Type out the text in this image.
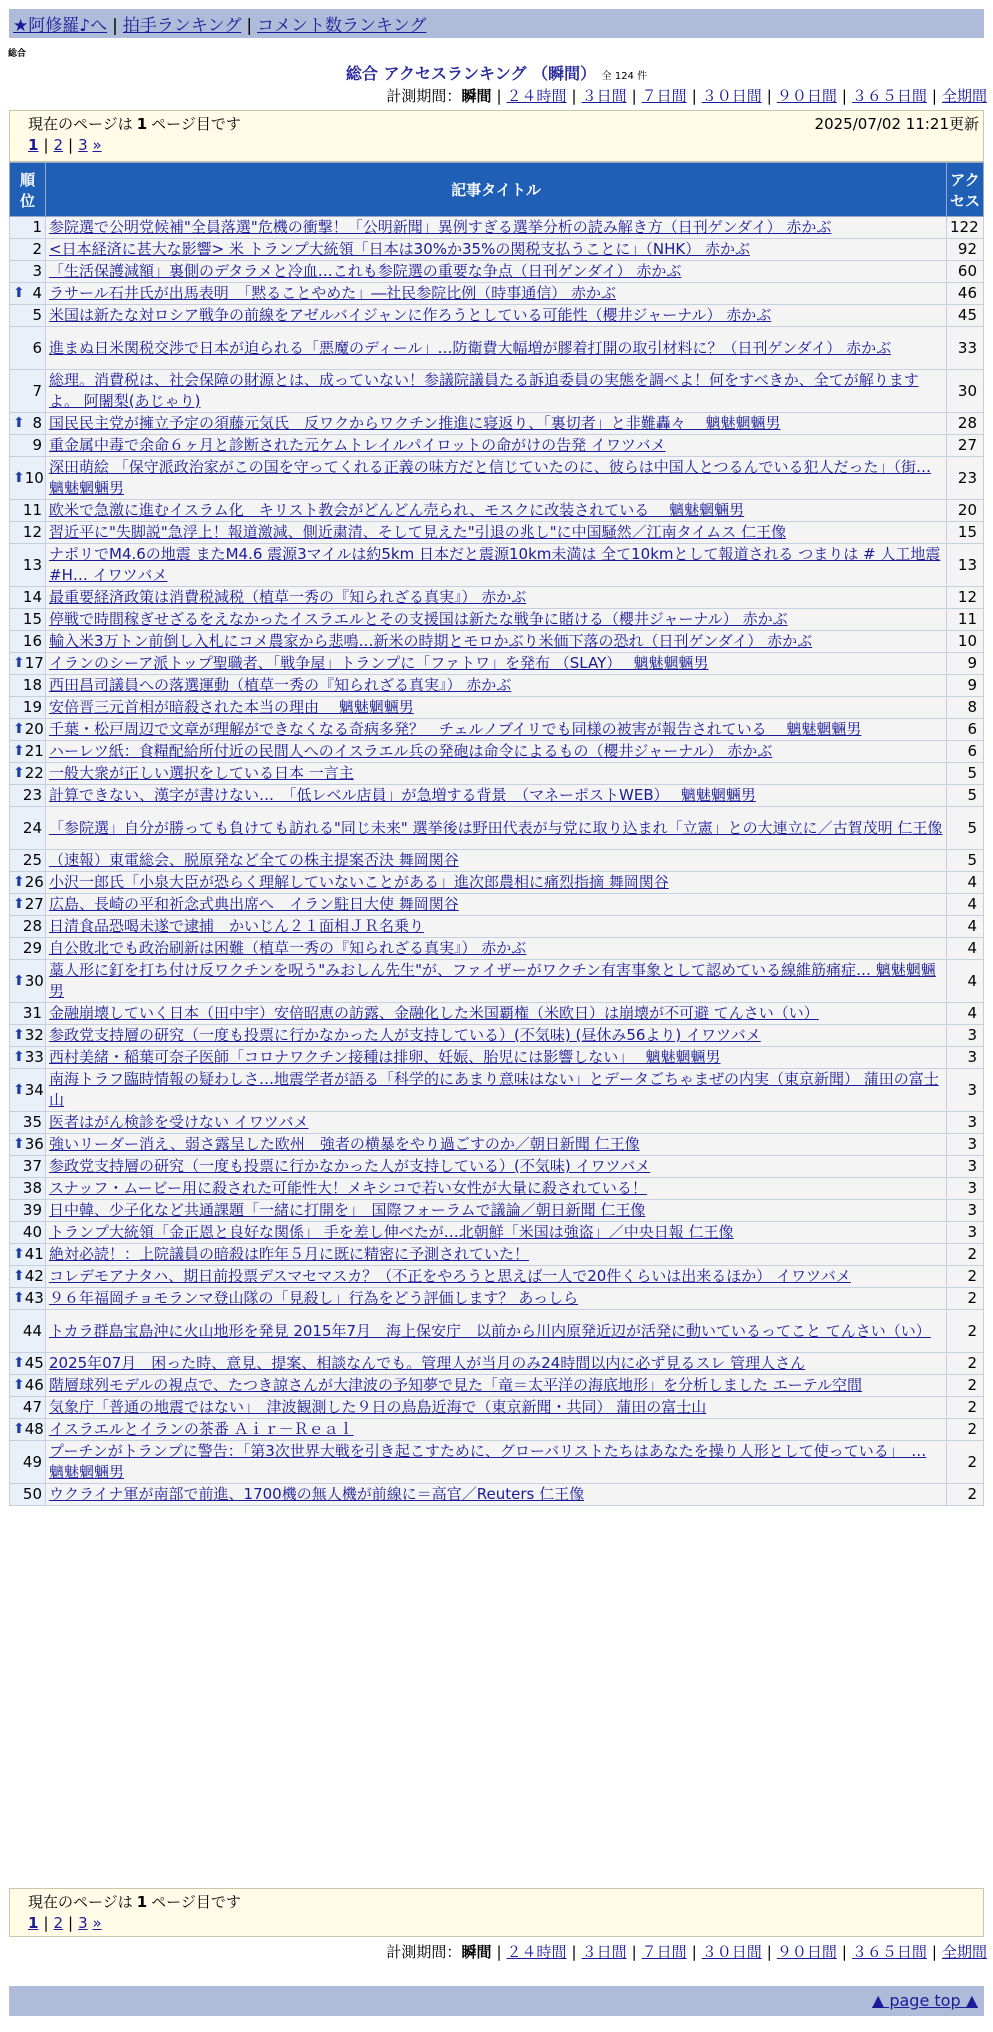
★阿修羅♪へ | 拍手ランキング | コメント数ランキング
総合
総合 アクセスランキング （瞬間） 全 124 件
計測期間：瞬間 | ２４時間 | ３日間 | ７日間 | ３０日間 | ９０日間 | ３６５日間 | 全期間
現在のページは 1 ページ目です	2025/07/02 11:21更新
1 | 2 | 3 »
順位	記事タイトル	アクセス
1	参院選で公明党候補"全員落選"危機の衝撃！「公明新聞」異例すぎる選挙分析の読み解き方（日刊ゲンダイ） 赤かぶ	122
2	<日本経済に甚大な影響> 米 トランプ大統領「日本は30%か35%の関税支払うことに」（NHK） 赤かぶ	92
3	「生活保護減額」裏側のデタラメと冷血…これも参院選の重要な争点（日刊ゲンダイ） 赤かぶ	60

⬆ 4	ラサール石井氏が出馬表明　「黙ることやめた」―社民参院比例（時事通信） 赤かぶ	46
5	米国は新たな対ロシア戦争の前線をアゼルバイジャンに作ろうとしている可能性（櫻井ジャーナル） 赤かぶ	45
6	進まぬ日米関税交渉で日本が迫られる「悪魔のディール」…防衛費大幅増が膠着打開の取引材料に？（日刊ゲンダイ） 赤かぶ	33
7	総理。消費税は、社会保障の財源とは、成っていない！参議院議員たる訴追委員の実態を調べよ！何をすべきか、全てが解りますよ。 阿闍梨(あじゃり)	30

⬆ 8	国民民主党が擁立予定の須藤元気氏　反ワクからワクチン推進に寝返り、「裏切者」と非難轟々　 魑魅魍魎男	28
9	重金属中毒で余命６ヶ月と診断された元ケムトレイルパイロットの命がけの告発 イワツバメ	27

⬆ 10	深田萌絵 「保守派政治家がこの国を守ってくれる正義の味方だと信じていたのに、彼らは中国人とつるんでいる犯人だった」（街… 魑魅魍魎男	23
11	欧米で急激に進むイスラム化　キリスト教会がどんどん売られ、モスクに改装されている　 魑魅魍魎男	20
12	習近平に"失脚説"急浮上！報道激減、側近粛清、そして見えた"引退の兆し"に中国騒然／江南タイムス 仁王像	15
13	ナポリでM4.6の地震 またM4.6 震源3マイルは約5km 日本だと震源10km未満は 全て10kmとして報道される つまりは # 人工地震 #H… イワツバメ	13
14	最重要経済政策は消費税減税（植草一秀の『知られざる真実』） 赤かぶ	12
15	停戦で時間稼ぎせざるをえなかったイスラエルとその支援国は新たな戦争に賭ける（櫻井ジャーナル） 赤かぶ	11
16	輸入米3万トン前倒し入札にコメ農家から悲鳴…新米の時期とモロかぶり米価下落の恐れ（日刊ゲンダイ） 赤かぶ	10

⬆ 17	イランのシーア派トップ聖職者、「戦争屋」トランプに「ファトワ」を発布 （SLAY）　 魑魅魍魎男	9
18	西田昌司議員への落選運動（植草一秀の『知られざる真実』） 赤かぶ	9
19	安倍晋三元首相が暗殺された本当の理由　 魑魅魍魎男	8

⬆ 20	千葉・松戸周辺で文章が理解ができなくなる奇病多発？　チェルノブイリでも同様の被害が報告されている　 魑魅魍魎男	6

⬆ 21	ハーレツ紙：食糧配給所付近の民間人へのイスラエル兵の発砲は命令によるもの（櫻井ジャーナル） 赤かぶ	6

⬆ 22	一般大衆が正しい選択をしている日本 一言主	5
23	計算できない、漢字が書けない…　「低レベル店員」が急増する背景　（マネーポストWEB）　 魑魅魍魎男	5
24	「参院選」自分が勝っても負けても訪れる"同じ未来" 選挙後は野田代表が与党に取り込まれ「立憲」との大連立に／古賀茂明 仁王像	5
25	（速報）東電総会、脱原発など全ての株主提案否決 舞岡関谷	5

⬆ 26	小沢一郎氏「小泉大臣が恐らく理解していないことがある」進次郎農相に痛烈指摘 舞岡関谷	4

⬆ 27	広島、長崎の平和祈念式典出席へ　イラン駐日大使 舞岡関谷	4
28	日清食品恐喝未遂で逮捕　かいじん２１面相ＪＲ名乗り	4
29	自公敗北でも政治刷新は困難（植草一秀の『知られざる真実』） 赤かぶ	4

⬆ 30	藁人形に釘を打ち付け反ワクチンを呪う"みおしん先生"が、ファイザーがワクチン有害事象として認めている線維筋痛症… 魑魅魍魎男	4
31	金融崩壊していく日本（田中宇）安倍昭恵の訪露、金融化した米国覇権（米欧日）は崩壊が不可避 てんさい（い）	4

⬆ 32	参政党支持層の研究（一度も投票に行かなかった人が支持している）(不気味) (昼休み56より) イワツバメ	3

⬆ 33	西村美緒・稲葉可奈子医師「コロナワクチン接種は排卵、妊娠、胎児には影響しない」　 魑魅魍魎男	3

⬆ 34	南海トラフ臨時情報の疑わしさ…地震学者が語る「科学的にあまり意味はない」とデータごちゃまぜの内実（東京新聞） 蒲田の富士山	3
35	医者はがん検診を受けない イワツバメ	3

⬆ 36	強いリーダー消え、弱さ露呈した欧州　強者の横暴をやり過ごすのか／朝日新聞 仁王像	3
37	参政党支持層の研究（一度も投票に行かなかった人が支持している）(不気味) イワツバメ	3
38	スナッフ・ムービー用に殺された可能性大！メキシコで若い女性が大量に殺されている！	3
39	日中韓、少子化など共通課題「一緒に打開を」　国際フォーラムで議論／朝日新聞 仁王像	3
40	トランプ大統領「金正恩と良好な関係」 手を差し伸べたが…北朝鮮「米国は強盗」／中央日報 仁王像	3

⬆ 41	絶対必読！：上院議員の暗殺は昨年５月に既に精密に予測されていた！	2

⬆ 42	コレデモアナタハ、期日前投票デスマセマスカ？（不正をやろうと思えば一人で20件くらいは出来るほか） イワツバメ	2

⬆ 43	９６年福岡チョモランマ登山隊の「見殺し」行為をどう評価します？ あっしら	2
44	トカラ群島宝島沖に火山地形を発見 2015年7月　海上保安庁　以前から川内原発近辺が活発に動いているってこと てんさい（い）	2

⬆ 45	2025年07月　困った時、意見、提案、相談なんでも。管理人が当月のみ24時間以内に必ず見るスレ 管理人さん	2

⬆ 46	階層球列モデルの視点で、たつき諒さんが大津波の予知夢で見た「竜＝太平洋の海底地形」を分析しました エーテル空間	2
47	気象庁「普通の地震ではない」　津波観測した９日の鳥島近海で（東京新聞・共同） 蒲田の富士山	2

⬆ 48	イスラエルとイランの茶番 Ａｉｒ－Ｒｅａｌ	2
49	プーチンがトランプに警告：「第3次世界大戦を引き起こすために、グローバリストたちはあなたを操り人形として使っている」　… 魑魅魍魎男	2
50	ウクライナ軍が南部で前進、1700機の無人機が前線に＝高官／Reuters 仁王像	2
現在のページは 1 ページ目です
1 | 2 | 3 »
計測期間：瞬間 | ２４時間 | ３日間 | ７日間 | ３０日間 | ９０日間 | ３６５日間 | 全期間
▲ page top ▲
